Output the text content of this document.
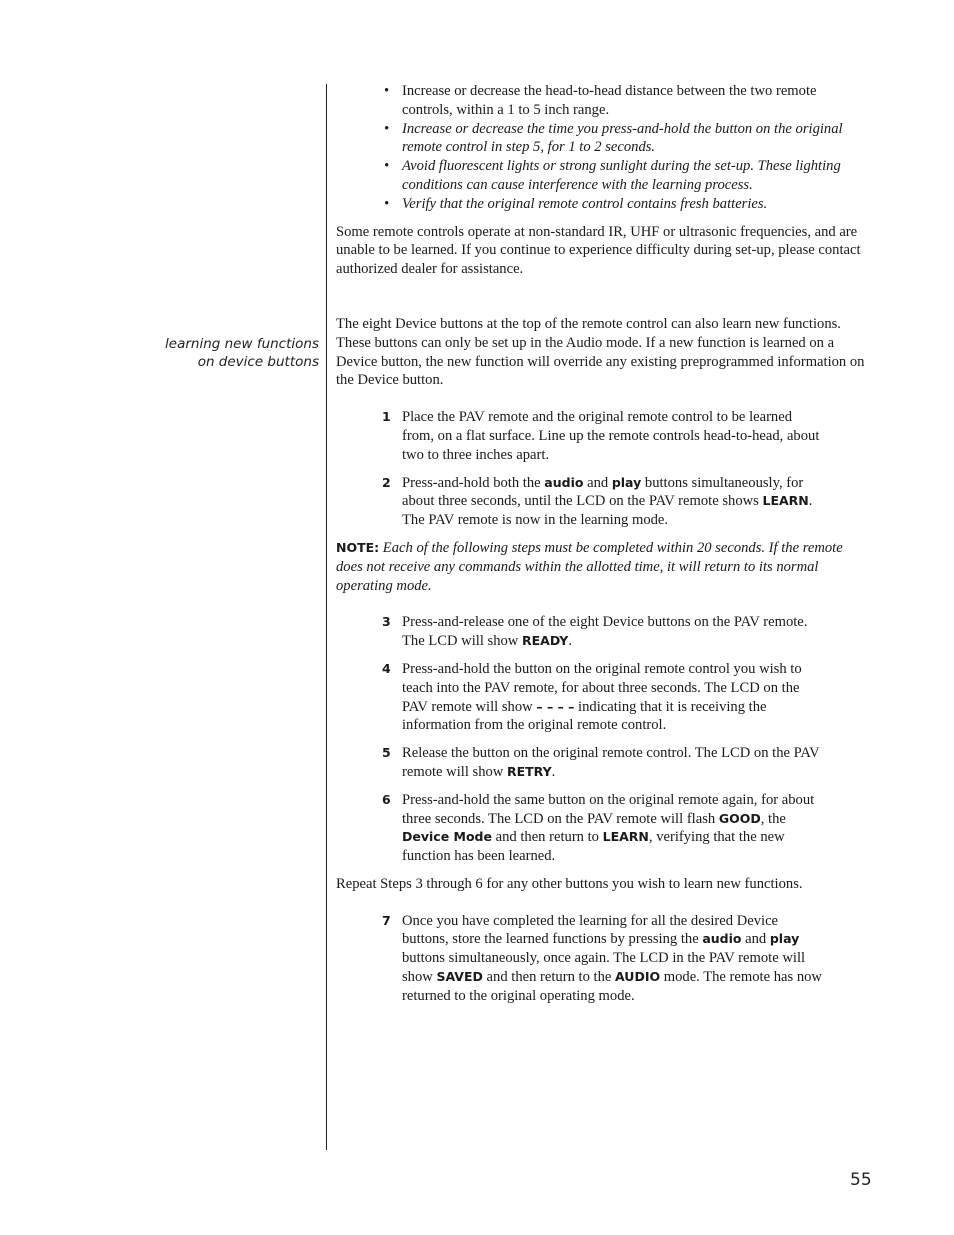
learning new functions
on device buttons
• Increase or decrease the head-to-head distance between the two remote controls, within a 1 to 5 inch range.
• Increase or decrease the time you press-and-hold the button on the original remote control in step 5, for 1 to 2 seconds.
• Avoid fluorescent lights or strong sunlight during the set-up. These lighting conditions can cause interference with the learning process.
• Verify that the original remote control contains fresh batteries.

Some remote controls operate at non-standard IR, UHF or ultrasonic frequencies, and are unable to be learned. If you continue to experience difficulty during set-up, please contact authorized dealer for assistance.

The eight Device buttons at the top of the remote control can also learn new functions. These buttons can only be set up in the Audio mode. If a new function is learned on a Device button, the new function will override any existing preprogrammed information on the Device button.

1 Place the PAV remote and the original remote control to be learned from, on a flat surface. Line up the remote controls head-to-head, about two to three inches apart.
2 Press-and-hold both the audio and play buttons simultaneously, for about three seconds, until the LCD on the PAV remote shows LEARN. The PAV remote is now in the learning mode.

NOTE: Each of the following steps must be completed within 20 seconds. If the remote does not receive any commands within the allotted time, it will return to its normal operating mode.

3 Press-and-release one of the eight Device buttons on the PAV remote. The LCD will show READY.
4 Press-and-hold the button on the original remote control you wish to teach into the PAV remote, for about three seconds. The LCD on the PAV remote will show – – – – indicating that it is receiving the information from the original remote control.
5 Release the button on the original remote control. The LCD on the PAV remote will show RETRY.
6 Press-and-hold the same button on the original remote again, for about three seconds. The LCD on the PAV remote will flash GOOD, the Device Mode and then return to LEARN, verifying that the new function has been learned.

Repeat Steps 3 through 6 for any other buttons you wish to learn new functions.

7 Once you have completed the learning for all the desired Device buttons, store the learned functions by pressing the audio and play buttons simultaneously, once again. The LCD in the PAV remote will show SAVED and then return to the AUDIO mode. The remote has now returned to the original operating mode.
55
